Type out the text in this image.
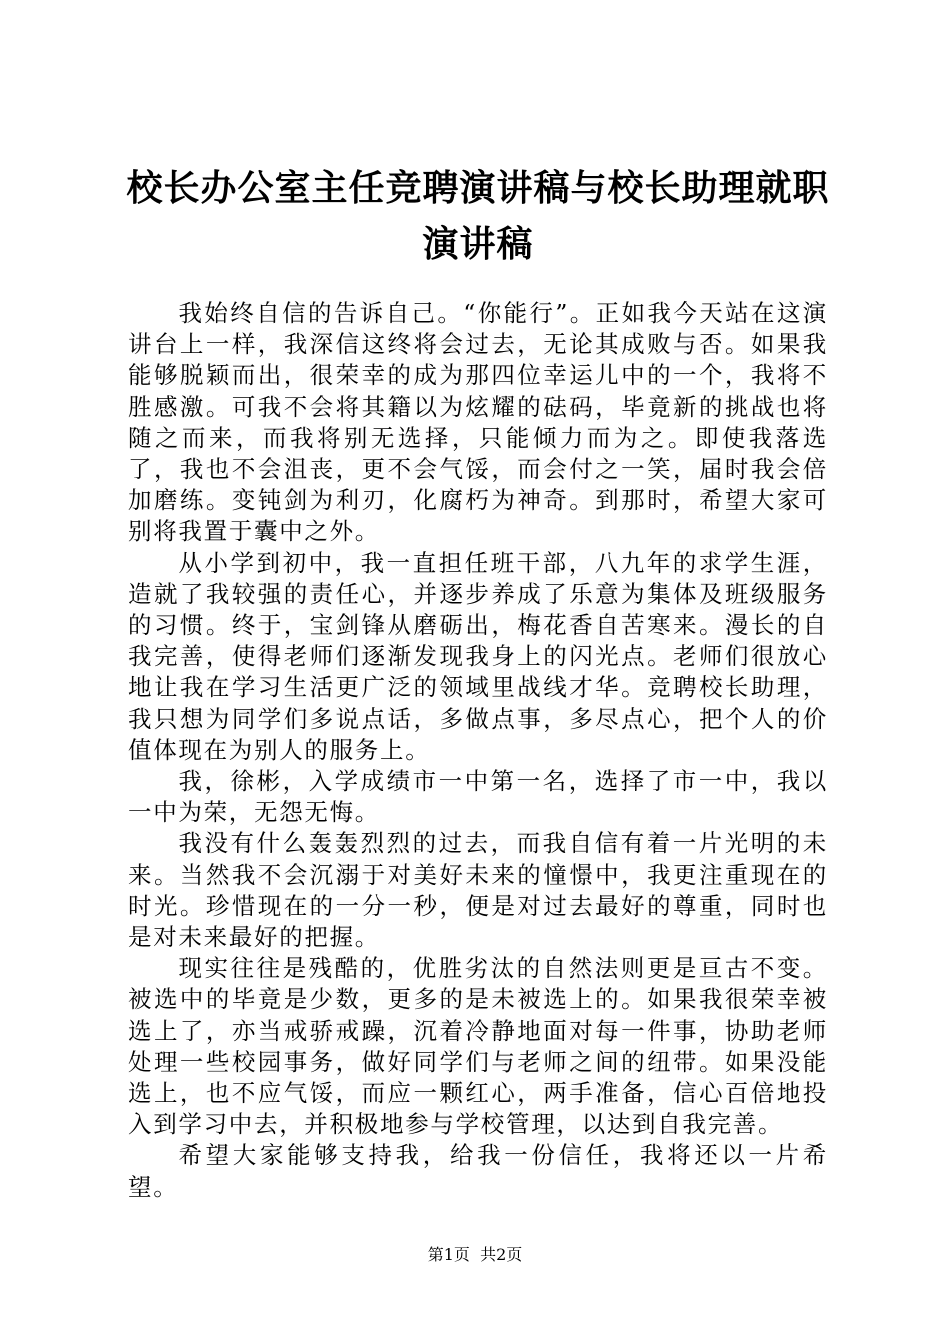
校长办公室主任竞聘演讲稿与校长助理就职演讲稿

我始终自信的告诉自己。“你能行”。正如我今天站在这演讲台上一样，我深信这终将会过去，无论其成败与否。如果我能够脱颖而出，很荣幸的成为那四位幸运儿中的一个，我将不胜感激。可我不会将其籍以为炫耀的砝码，毕竟新的挑战也将随之而来，而我将别无选择，只能倾力而为之。即使我落选了，我也不会沮丧，更不会气馁，而会付之一笑，届时我会倍加磨练。变钝剑为利刃，化腐朽为神奇。到那时，希望大家可别将我置于囊中之外。

从小学到初中，我一直担任班干部，八九年的求学生涯，造就了我较强的责任心，并逐步养成了乐意为集体及班级服务的习惯。终于，宝剑锋从磨砺出，梅花香自苦寒来。漫长的自我完善，使得老师们逐渐发现我身上的闪光点。老师们很放心地让我在学习生活更广泛的领域里战线才华。竞聘校长助理，我只想为同学们多说点话，多做点事，多尽点心，把个人的价值体现在为别人的服务上。

我，徐彬，入学成绩市一中第一名，选择了市一中，我以一中为荣，无怨无悔。

我没有什么轰轰烈烈的过去，而我自信有着一片光明的未来。当然我不会沉溺于对美好未来的憧憬中，我更注重现在的时光。珍惜现在的一分一秒，便是对过去最好的尊重，同时也是对未来最好的把握。

现实往往是残酷的，优胜劣汰的自然法则更是亘古不变。被选中的毕竟是少数，更多的是未被选上的。如果我很荣幸被选上了，亦当戒骄戒躁，沉着冷静地面对每一件事，协助老师处理一些校园事务，做好同学们与老师之间的纽带。如果没能选上，也不应气馁，而应一颗红心，两手准备，信心百倍地投入到学习中去，并积极地参与学校管理，以达到自我完善。

希望大家能够支持我，给我一份信任，我将还以一片希望。

第1页 共2页
